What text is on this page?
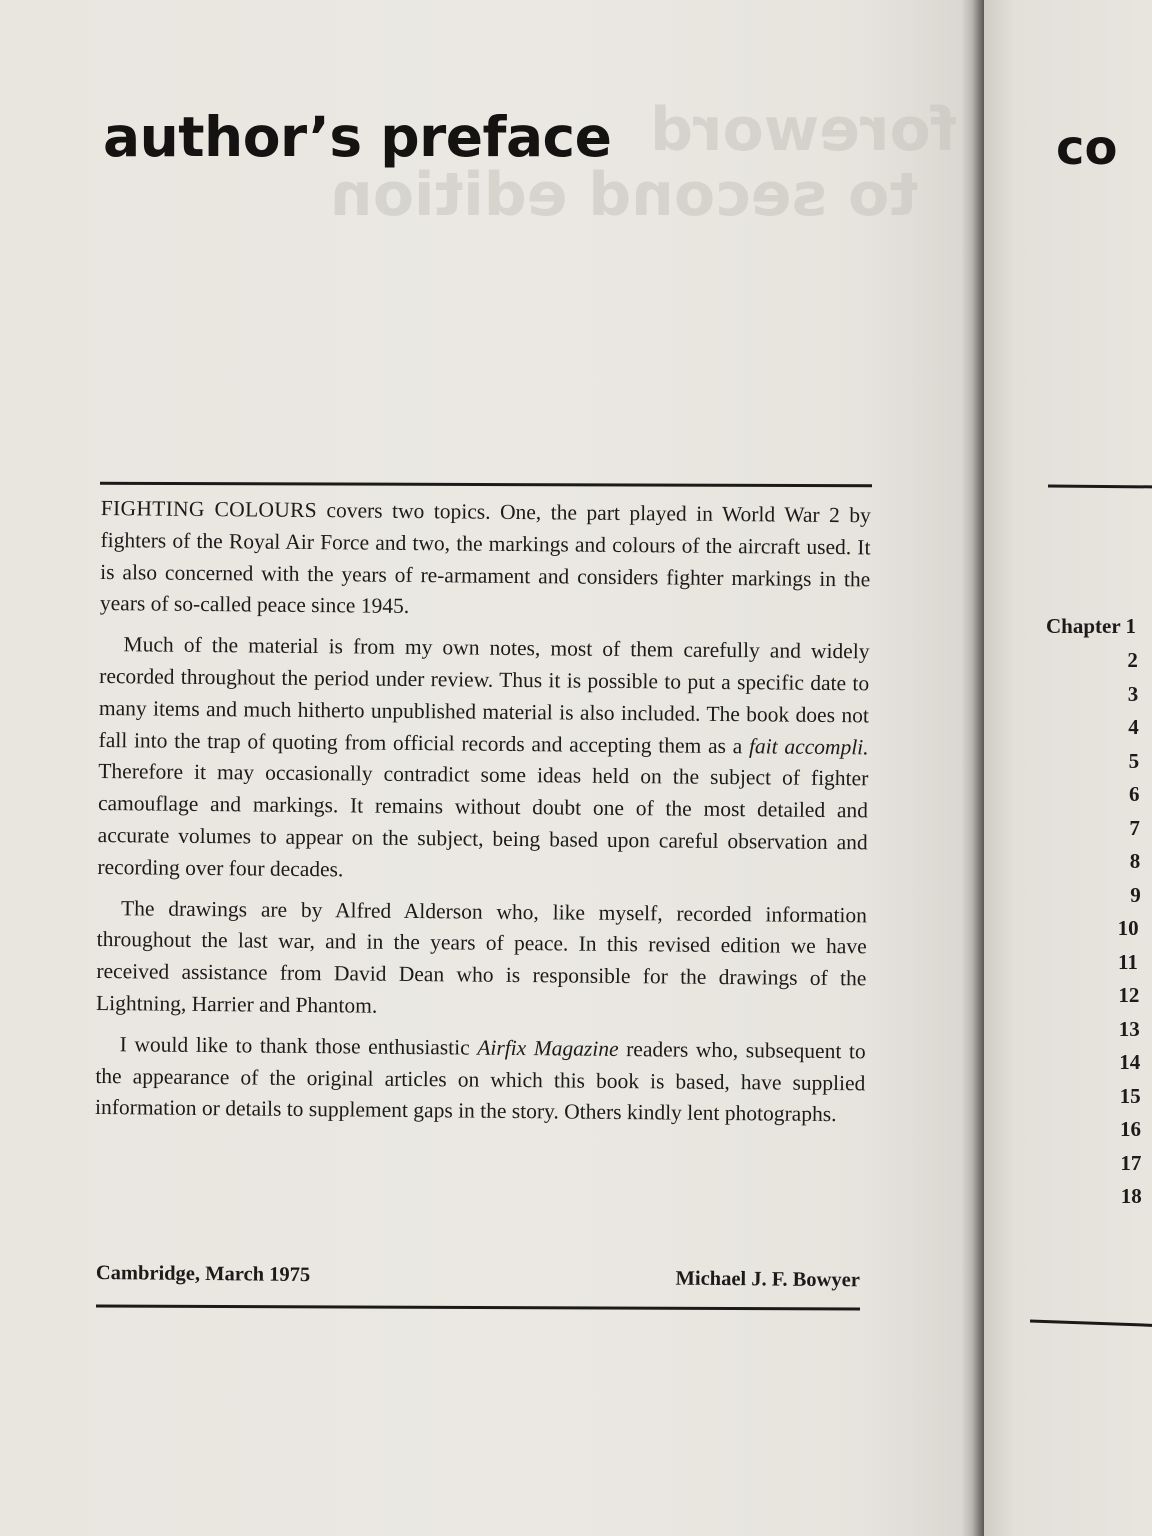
foreword
to second edition
author’s preface

FIGHTING COLOURS covers two topics. One, the part played in World War 2 by fighters of the Royal Air Force and two, the markings and colours of the aircraft used. It is also concerned with the years of re-armament and considers fighter markings in the years of so-called peace since 1945.

Much of the material is from my own notes, most of them carefully and widely recorded throughout the period under review. Thus it is possible to put a specific date to many items and much hitherto unpublished material is also included. The book does not fall into the trap of quoting from official records and accepting them as a fait accompli. Therefore it may occasionally contradict some ideas held on the subject of fighter camouflage and markings. It remains without doubt one of the most detailed and accurate volumes to appear on the subject, being based upon careful observation and recording over four decades.

The drawings are by Alfred Alderson who, like myself, recorded information throughout the last war, and in the years of peace. In this revised edition we have received assistance from David Dean who is responsible for the drawings of the Lightning, Harrier and Phantom.

I would like to thank those enthusiastic Airfix Magazine readers who, subsequent to the appearance of the original articles on which this book is based, have supplied information or details to supplement gaps in the story. Others kindly lent photographs.

Cambridge, March 1975	Michael J. F. Bowyer
co
Chapter 1
2
3
4
5
6
7
8
9
10
11
12
13
14
15
16
17
18
